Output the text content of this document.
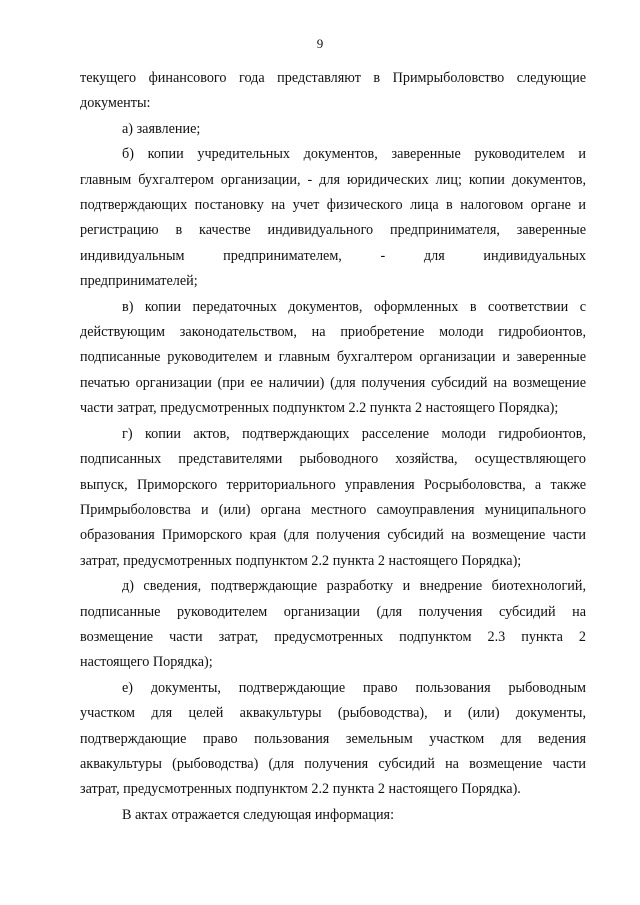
9
текущего финансового года представляют в Примрыболовство следующие
документы:
а) заявление;
б) копии учредительных документов, заверенные руководителем и
главным бухгалтером организации, - для юридических лиц; копии документов,
подтверждающих постановку на учет физического лица в налоговом органе и
регистрацию в качестве индивидуального предпринимателя, заверенные
индивидуальным предпринимателем, - для индивидуальных
предпринимателей;
в) копии передаточных документов, оформленных в соответствии с
действующим законодательством, на приобретение молоди гидробионтов,
подписанные руководителем и главным бухгалтером организации и заверенные
печатью организации (при ее наличии) (для получения субсидий на возмещение
части затрат, предусмотренных подпунктом 2.2 пункта 2 настоящего Порядка);
г) копии актов, подтверждающих расселение молоди гидробионтов,
подписанных представителями рыбоводного хозяйства, осуществляющего
выпуск, Приморского территориального управления Росрыболовства, а также
Примрыболовства и (или) органа местного самоуправления муниципального
образования Приморского края (для получения субсидий на возмещение части
затрат, предусмотренных подпунктом 2.2 пункта 2 настоящего Порядка);
д) сведения, подтверждающие разработку и внедрение биотехнологий,
подписанные руководителем организации (для получения субсидий на
возмещение части затрат, предусмотренных подпунктом 2.3 пункта 2
настоящего Порядка);
е) документы, подтверждающие право пользования рыбоводным
участком для целей аквакультуры (рыбоводства), и (или) документы,
подтверждающие право пользования земельным участком для ведения
аквакультуры (рыбоводства) (для получения субсидий на возмещение части
затрат, предусмотренных подпунктом 2.2 пункта 2 настоящего Порядка).
В актах отражается следующая информация:
